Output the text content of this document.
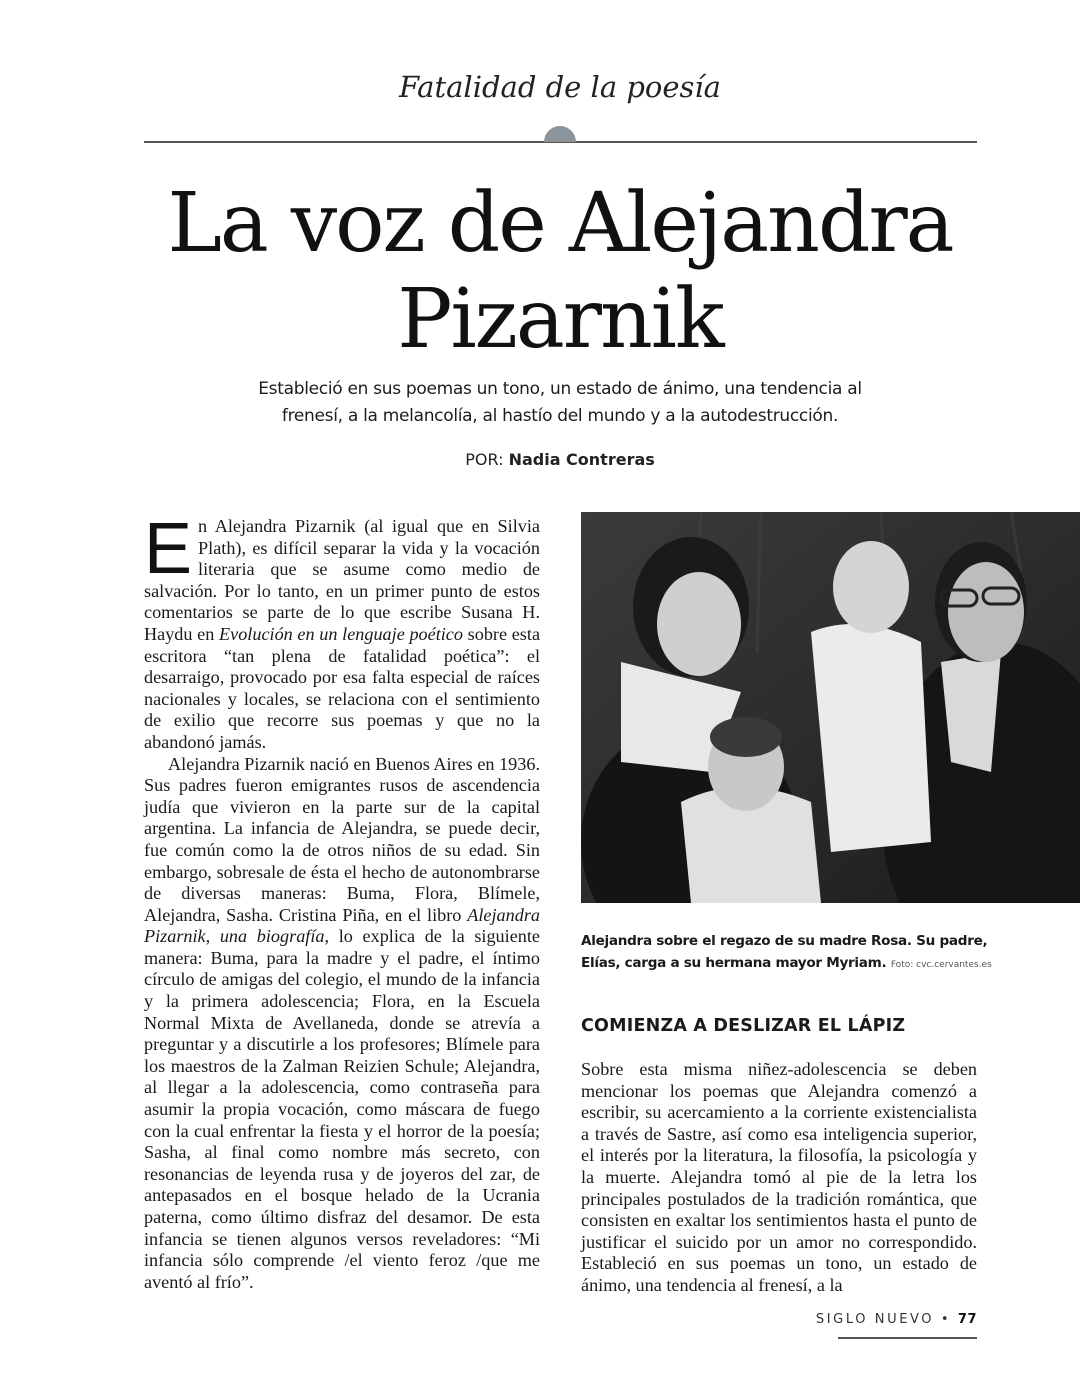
Fatalidad de la poesía
La voz de Alejandra Pizarnik
Estableció en sus poemas un tono, un estado de ánimo, una tendencia al frenesí, a la melancolía, al hastío del mundo y a la autodestrucción.
POR: Nadia Contreras

En Alejandra Pizarnik (al igual que en Silvia Plath), es difícil separar la vida y la vocación literaria que se asume como medio de salvación. Por lo tanto, en un primer punto de estos comentarios se parte de lo que escribe Susana H. Haydu en Evolución en un lenguaje poético sobre esta escritora “tan plena de fatalidad poética”: el desarraigo, provocado por esa falta especial de raíces nacionales y locales, se relaciona con el sentimiento de exilio que recorre sus poemas y que no la abandonó jamás.

Alejandra Pizarnik nació en Buenos Aires en 1936. Sus padres fueron emigrantes rusos de ascendencia judía que vivieron en la parte sur de la capital argentina. La infancia de Alejandra, se puede decir, fue común como la de otros niños de su edad. Sin embargo, sobresale de ésta el hecho de autonombrarse de diversas maneras: Buma, Flora, Blímele, Alejandra, Sasha. Cristina Piña, en el libro Alejandra Pizarnik, una biografía, lo explica de la siguiente manera: Buma, para la madre y el padre, el íntimo círculo de amigas del colegio, el mundo de la infancia y la primera adolescencia; Flora, en la Escuela Normal Mixta de Avellaneda, donde se atrevía a preguntar y a discutirle a los profesores; Blímele para los maestros de la Zalman Reizien Schule; Alejandra, al llegar a la adolescencia, como contraseña para asumir la propia vocación, como máscara de fuego con la cual enfrentar la fiesta y el horror de la poesía; Sasha, al final como nombre más secreto, con resonancias de leyenda rusa y de joyeros del zar, de antepasados en el bosque helado de la Ucrania paterna, como último disfraz del desamor. De esta infancia se tienen algunos versos reveladores: “Mi infancia sólo comprende /el viento feroz /que me aventó al frío”.

Alejandra sobre el regazo de su madre Rosa. Su padre, Elías, carga a su hermana mayor Myriam. Foto: cvc.cervantes.es
COMIENZA A DESLIZAR EL LÁPIZ

Sobre esta misma niñez-adolescencia se deben mencionar los poemas que Alejandra comenzó a escribir, su acercamiento a la corriente existencialista a través de Sastre, así como esa inteligencia superior, el interés por la literatura, la filosofía, la psicología y la muerte. Alejandra tomó al pie de la letra los principales postulados de la tradición romántica, que consisten en exaltar los sentimientos hasta el punto de justificar el suicido por un amor no correspondido. Estableció en sus poemas un tono, un estado de ánimo, una tendencia al frenesí, a la

SIGLO NUEVO • 77
